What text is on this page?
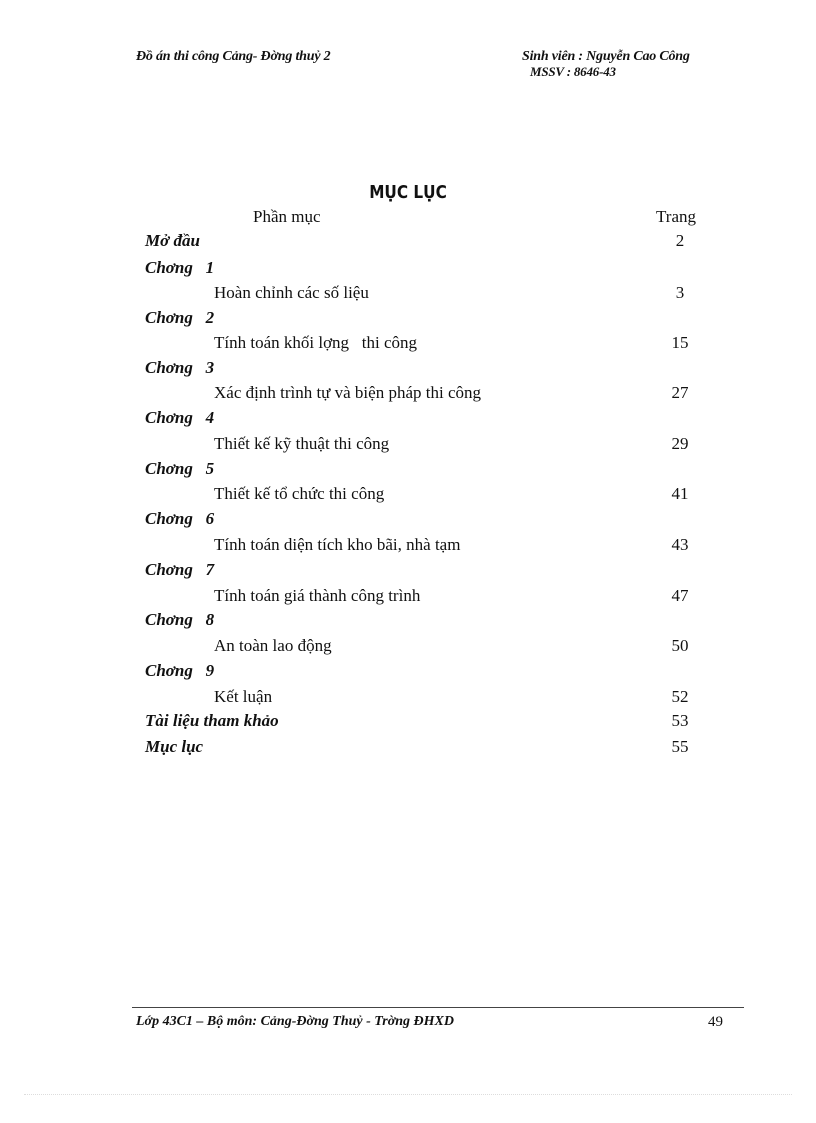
Đồ án thi công Cảng- Đờng thuỷ 2	Sinh viên : Nguyễn Cao Công
MSSV : 8646-43
MỤC LỤC
Phần mục	Trang
Mở đầu	2
Chơng   1
Hoàn chỉnh các số liệu	3
Chơng   2
Tính toán khối lợng   thi công	15
Chơng   3
Xác định trình tự và biện pháp thi công	27
Chơng   4
Thiết kế kỹ thuật thi công	29
Chơng   5
Thiết kế tổ chức thi công	41
Chơng   6
Tính toán diện tích kho bãi, nhà tạm	43
Chơng   7
Tính toán giá thành công trình	47
Chơng   8
An toàn lao động	50
Chơng   9
Kết luận	52
Tài liệu tham khảo	53
Mục lục	55
Lớp 43C1 – Bộ môn: Cảng-Đờng Thuỷ - Trờng ĐHXD	49
